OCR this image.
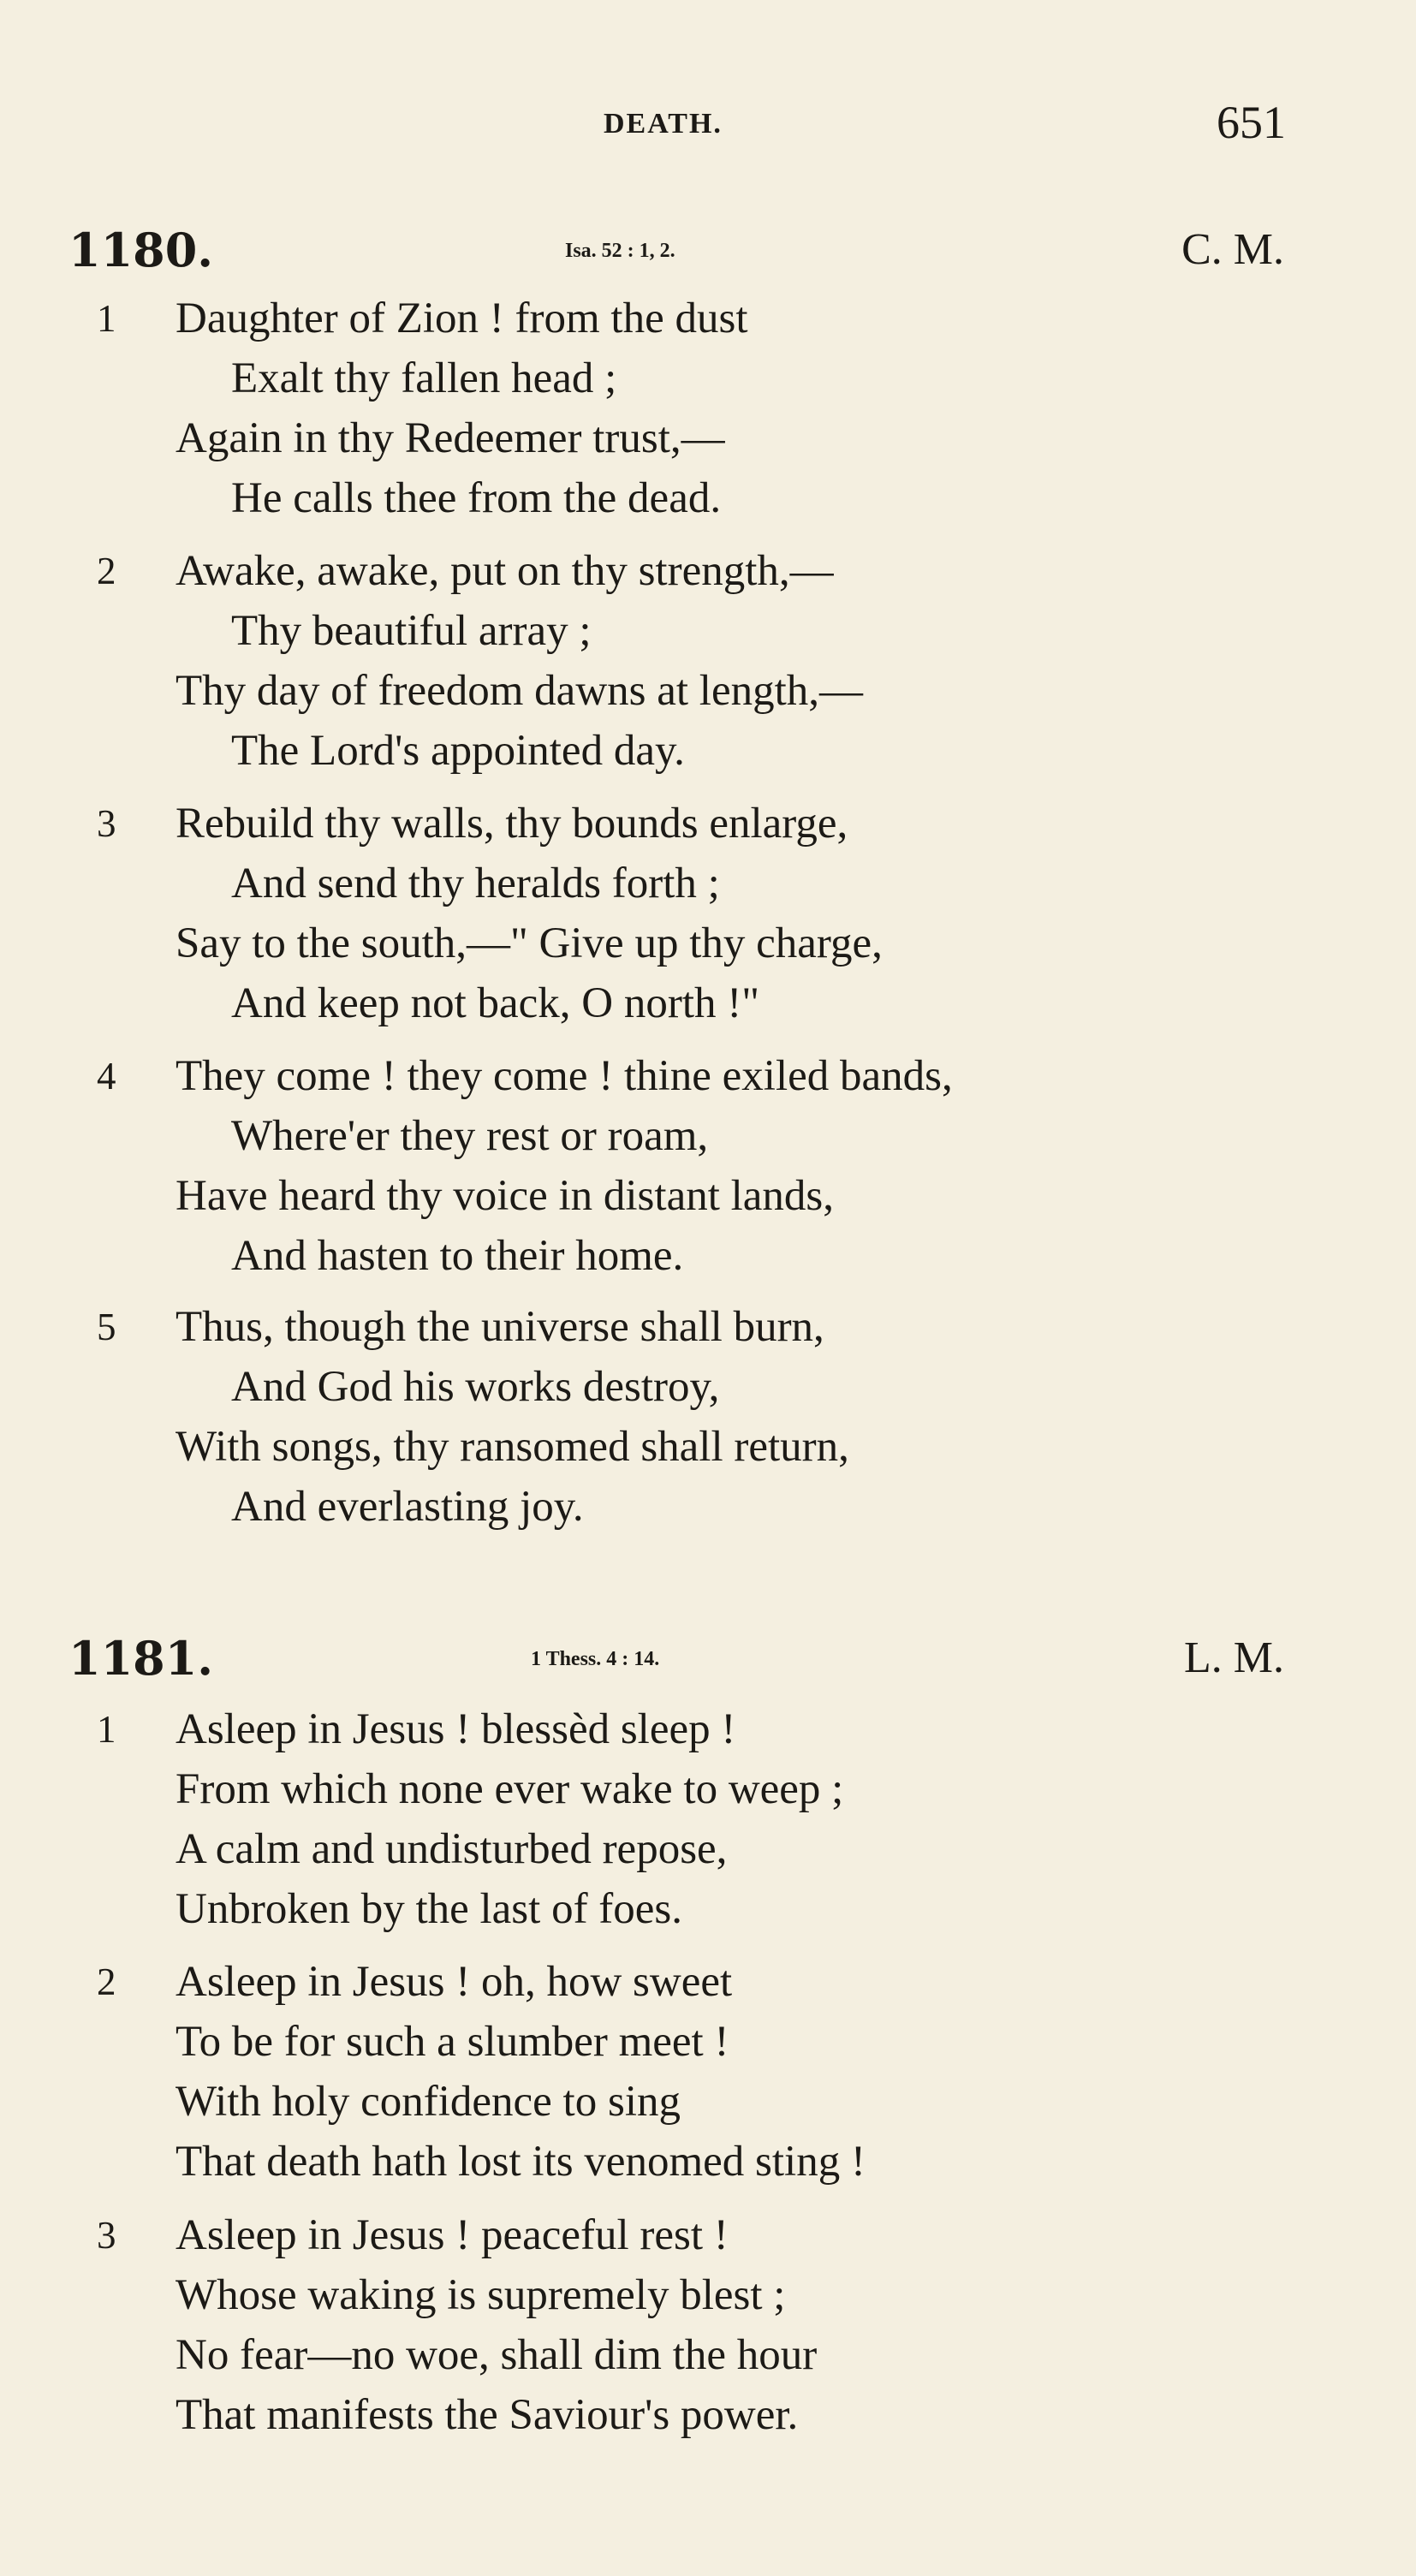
DEATH.	651
1180.	Isa. 52 : 1, 2.	C. M.
1 Daughter of Zion ! from the dust
Exalt thy fallen head ;
Again in thy Redeemer trust,—
He calls thee from the dead.
2 Awake, awake, put on thy strength,—
Thy beautiful array ;
Thy day of freedom dawns at length,—
The Lord's appointed day.
3 Rebuild thy walls, thy bounds enlarge,
And send thy heralds forth ;
Say to the south,—" Give up thy charge,
And keep not back, O north !"
4 They come ! they come ! thine exiled bands,
Where'er they rest or roam,
Have heard thy voice in distant lands,
And hasten to their home.
5 Thus, though the universe shall burn,
And God his works destroy,
With songs, thy ransomed shall return,
And everlasting joy.
1181.	1 Thess. 4 : 14.	L. M.
1 Asleep in Jesus ! blessèd sleep !
From which none ever wake to weep ;
A calm and undisturbed repose,
Unbroken by the last of foes.
2 Asleep in Jesus ! oh, how sweet
To be for such a slumber meet !
With holy confidence to sing
That death hath lost its venomed sting !
3 Asleep in Jesus ! peaceful rest !
Whose waking is supremely blest ;
No fear—no woe, shall dim the hour
That manifests the Saviour's power.
